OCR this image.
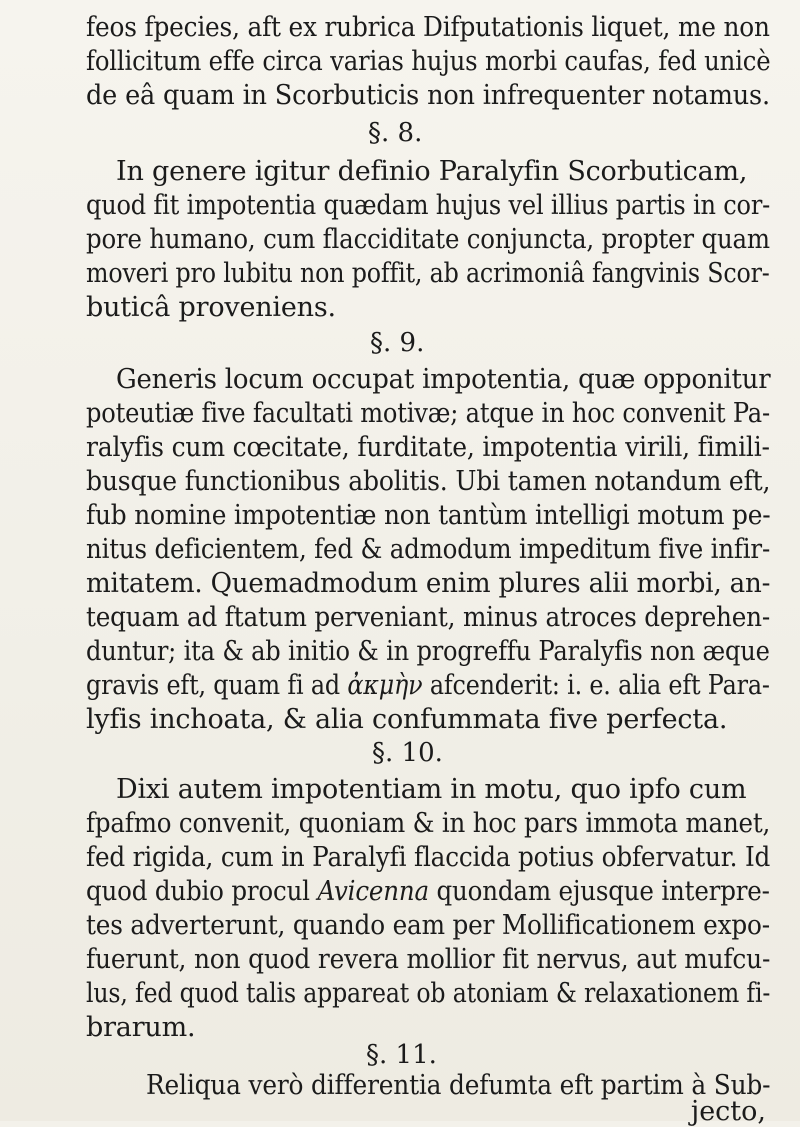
feos fpecies, aft ex rubrica Difputationis liquet, me non
follicitum effe circa varias hujus morbi caufas, fed unicè
de eâ quam in Scorbuticis non infrequenter notamus.
§. 8.
In genere igitur definio Paralyfin Scorbuticam,
quod fit impotentia quædam hujus vel illius partis in cor-
pore humano, cum flacciditate conjuncta, propter quam
moveri pro lubitu non poffit, ab acrimoniâ fangvinis Scor-
buticâ proveniens.
§. 9.
Generis locum occupat impotentia, quæ opponitur
poteutiæ five facultati motivæ; atque in hoc convenit Pa-
ralyfis cum cœcitate, furditate, impotentia virili, fimili-
busque functionibus abolitis. Ubi tamen notandum eft,
fub nomine impotentiæ non tantùm intelligi motum pe-
nitus deficientem, fed & admodum impeditum five infir-
mitatem. Quemadmodum enim plures alii morbi, an-
tequam ad ftatum perveniant, minus atroces deprehen-
duntur; ita & ab initio & in progreffu Paralyfis non æque
gravis eft, quam fi ad ἀκμὴν afcenderit: i. e. alia eft Para-
lyfis inchoata, & alia confummata five perfecta.
§. 10.
Dixi autem impotentiam in motu, quo ipfo cum
fpafmo convenit, quoniam & in hoc pars immota manet,
fed rigida, cum in Paralyfi flaccida potius obfervatur. Id
quod dubio procul Avicenna quondam ejusque interpre-
tes adverterunt, quando eam per Mollificationem expo-
fuerunt, non quod revera mollior fit nervus, aut mufcu-
lus, fed quod talis appareat ob atoniam & relaxationem fi-
brarum.
§. 11.
Reliqua verò differentia defumta eft partim à Sub-
jecto,
